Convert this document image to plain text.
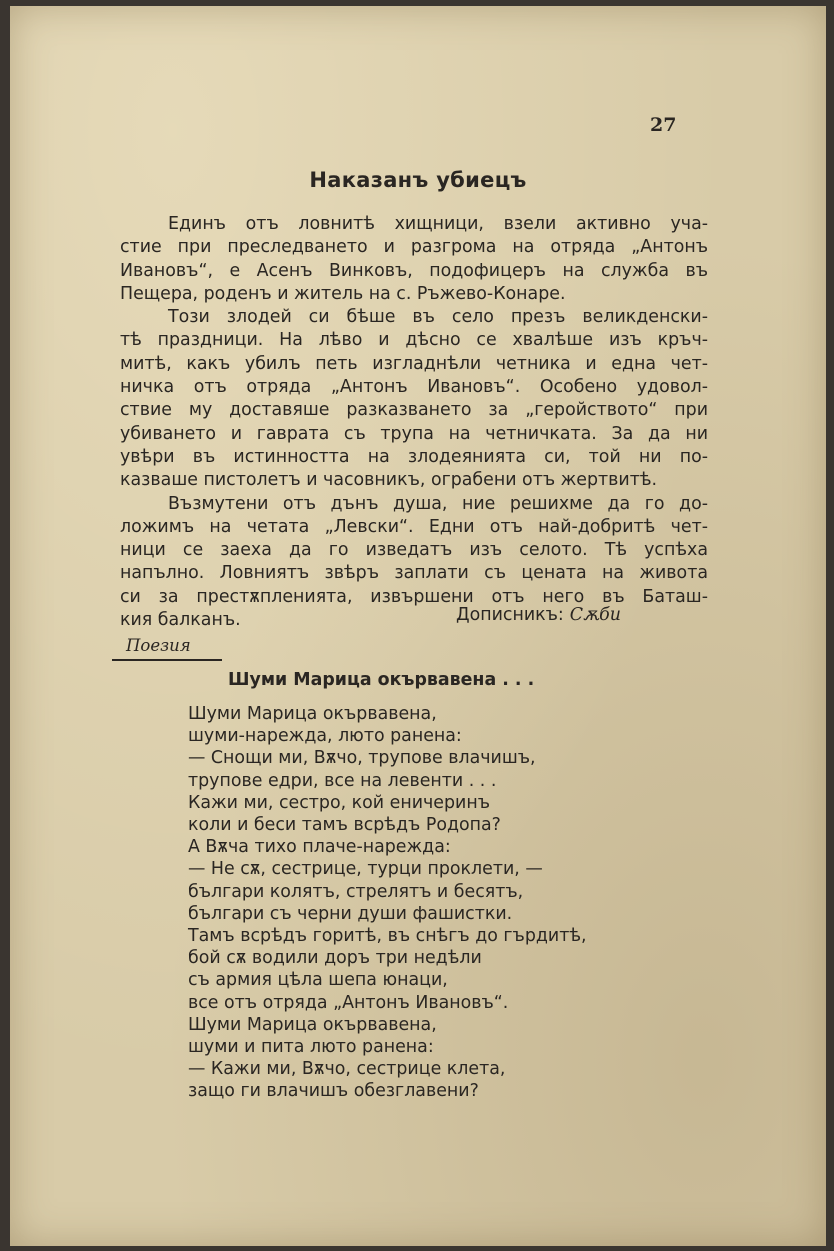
27
Наказанъ убиецъ
Единъ отъ ловнитѣ хищници, взели активно уча-
стие при преследването и разгрома на отряда „Антонъ
Ивановъ“, е Асенъ Винковъ, подофицеръ на служба въ
Пещера, роденъ и житель на с. Ръжево-Конаре.
Този злодей си бѣше въ село презъ великденски-
тѣ праздници. На лѣво и дѣсно се хвалѣше изъ кръч-
митѣ, какъ убилъ петь изгладнѣли четника и една чет-
ничка отъ отряда „Антонъ Ивановъ“. Особено удовол-
ствие му доставяше разказването за „геройството“ при
убиването и гаврата съ трупа на четничката. За да ни
увѣри въ истинността на злодеянията си, той ни по-
казваше пистолетъ и часовникъ, ограбени отъ жертвитѣ.
Възмутени отъ дънъ душа, ние решихме да го до-
ложимъ на четата „Левски“. Едни отъ най-добритѣ чет-
ници се заеха да го изведатъ изъ селото. Тѣ успѣха
напълно. Ловниятъ звѣръ заплати съ цената на живота
си за престѫпленията, извършени отъ него въ Баташ-
кия балканъ.	Дописникъ: Сѫби
Поезия
Шуми Марица окървавена . . .
Шуми Марица окървавена,
шуми-нарежда, люто ранена:
— Снощи ми, Вѫчо, трупове влачишъ,
трупове едри, все на левенти . . .
Кажи ми, сестро, кой еничеринъ
коли и беси тамъ всрѣдъ Родопа?
А Вѫча тихо плаче-нарежда:
— Не сѫ, сестрице, турци проклети, —
българи колятъ, стрелятъ и бесятъ,
българи съ черни души фашистки.
Тамъ всрѣдъ горитѣ, въ снѣгъ до гърдитѣ,
бой сѫ водили доръ три недѣли
съ армия цѣла шепа юнаци,
все отъ отряда „Антонъ Ивановъ“.
Шуми Марица окървавена,
шуми и пита люто ранена:
— Кажи ми, Вѫчо, сестрице клета,
защо ги влачишъ обезглавени?
